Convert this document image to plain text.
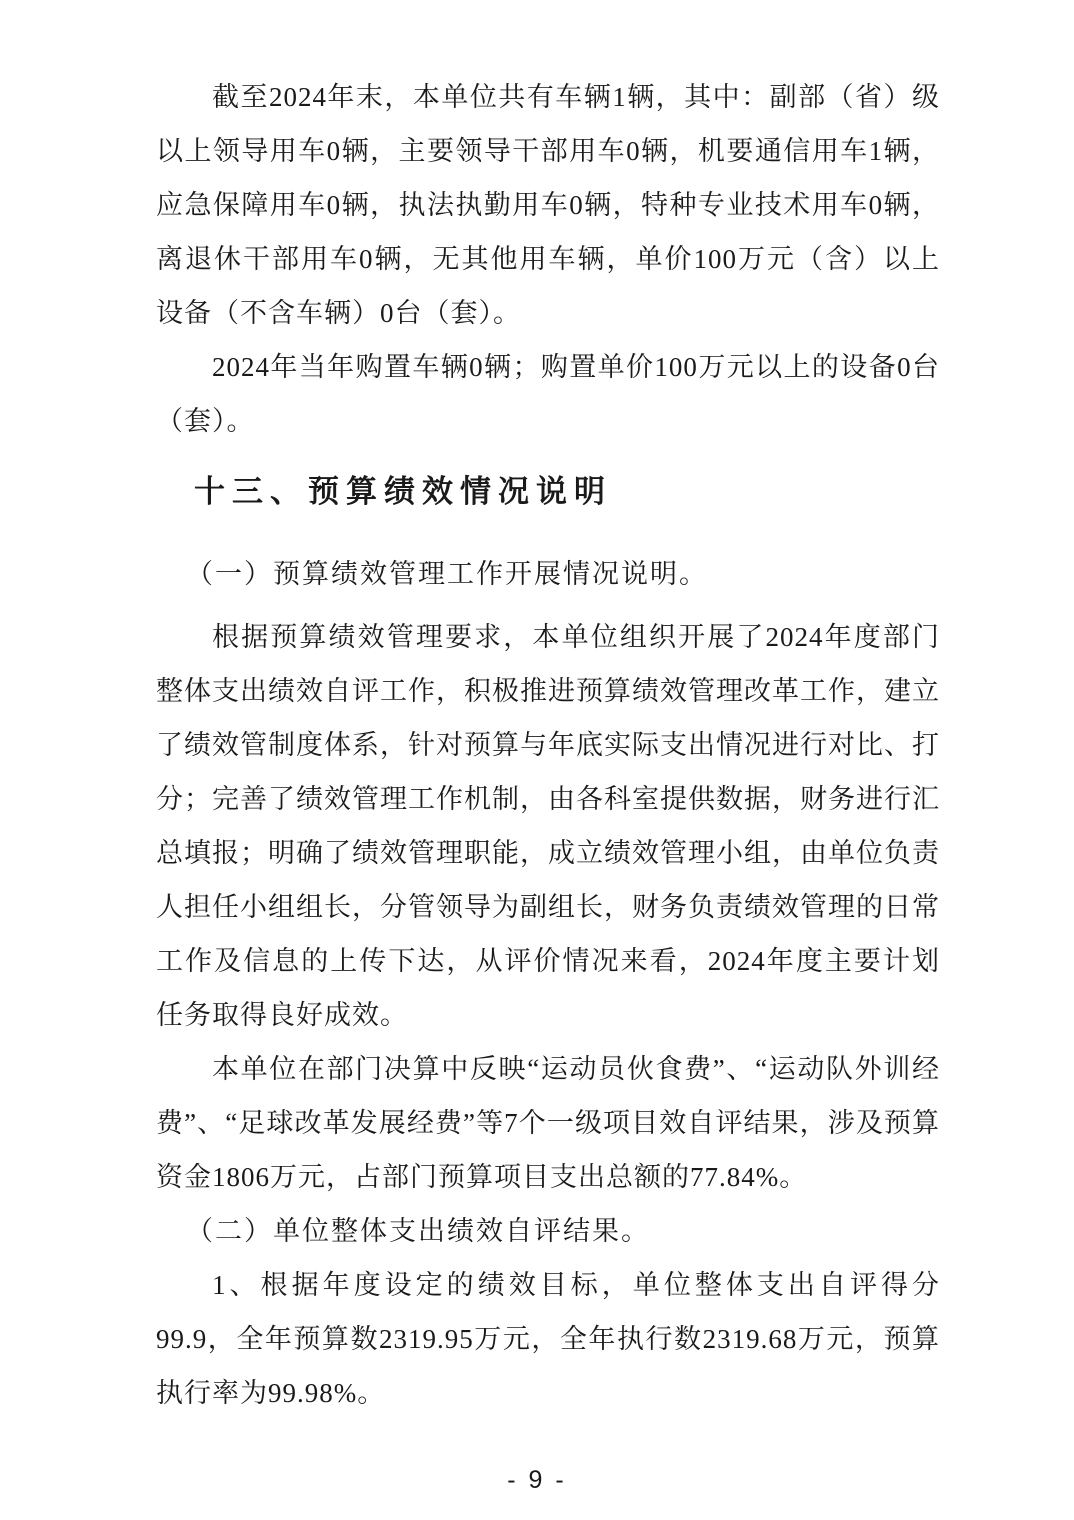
截至2024年末，本单位共有车辆1辆，其中：副部（省）级以上领导用车0辆，主要领导干部用车0辆，机要通信用车1辆，应急保障用车0辆，执法执勤用车0辆，特种专业技术用车0辆，离退休干部用车0辆，无其他用车辆，单价100万元（含）以上设备（不含车辆）0台（套）。

2024年当年购置车辆0辆；购置单价100万元以上的设备0台（套）。

十三、预算绩效情况说明

（一）预算绩效管理工作开展情况说明。

根据预算绩效管理要求，本单位组织开展了2024年度部门整体支出绩效自评工作，积极推进预算绩效管理改革工作，建立了绩效管制度体系，针对预算与年底实际支出情况进行对比、打分；完善了绩效管理工作机制，由各科室提供数据，财务进行汇总填报；明确了绩效管理职能，成立绩效管理小组，由单位负责人担任小组组长，分管领导为副组长，财务负责绩效管理的日常工作及信息的上传下达，从评价情况来看，2024年度主要计划任务取得良好成效。

本单位在部门决算中反映“运动员伙食费”、“运动队外训经费”、“足球改革发展经费”等7个一级项目效自评结果，涉及预算资金1806万元，占部门预算项目支出总额的77.84%。

（二）单位整体支出绩效自评结果。

1、根据年度设定的绩效目标，单位整体支出自评得分99.9，全年预算数2319.95万元，全年执行数2319.68万元，预算执行率为99.98%。

- 9 -
